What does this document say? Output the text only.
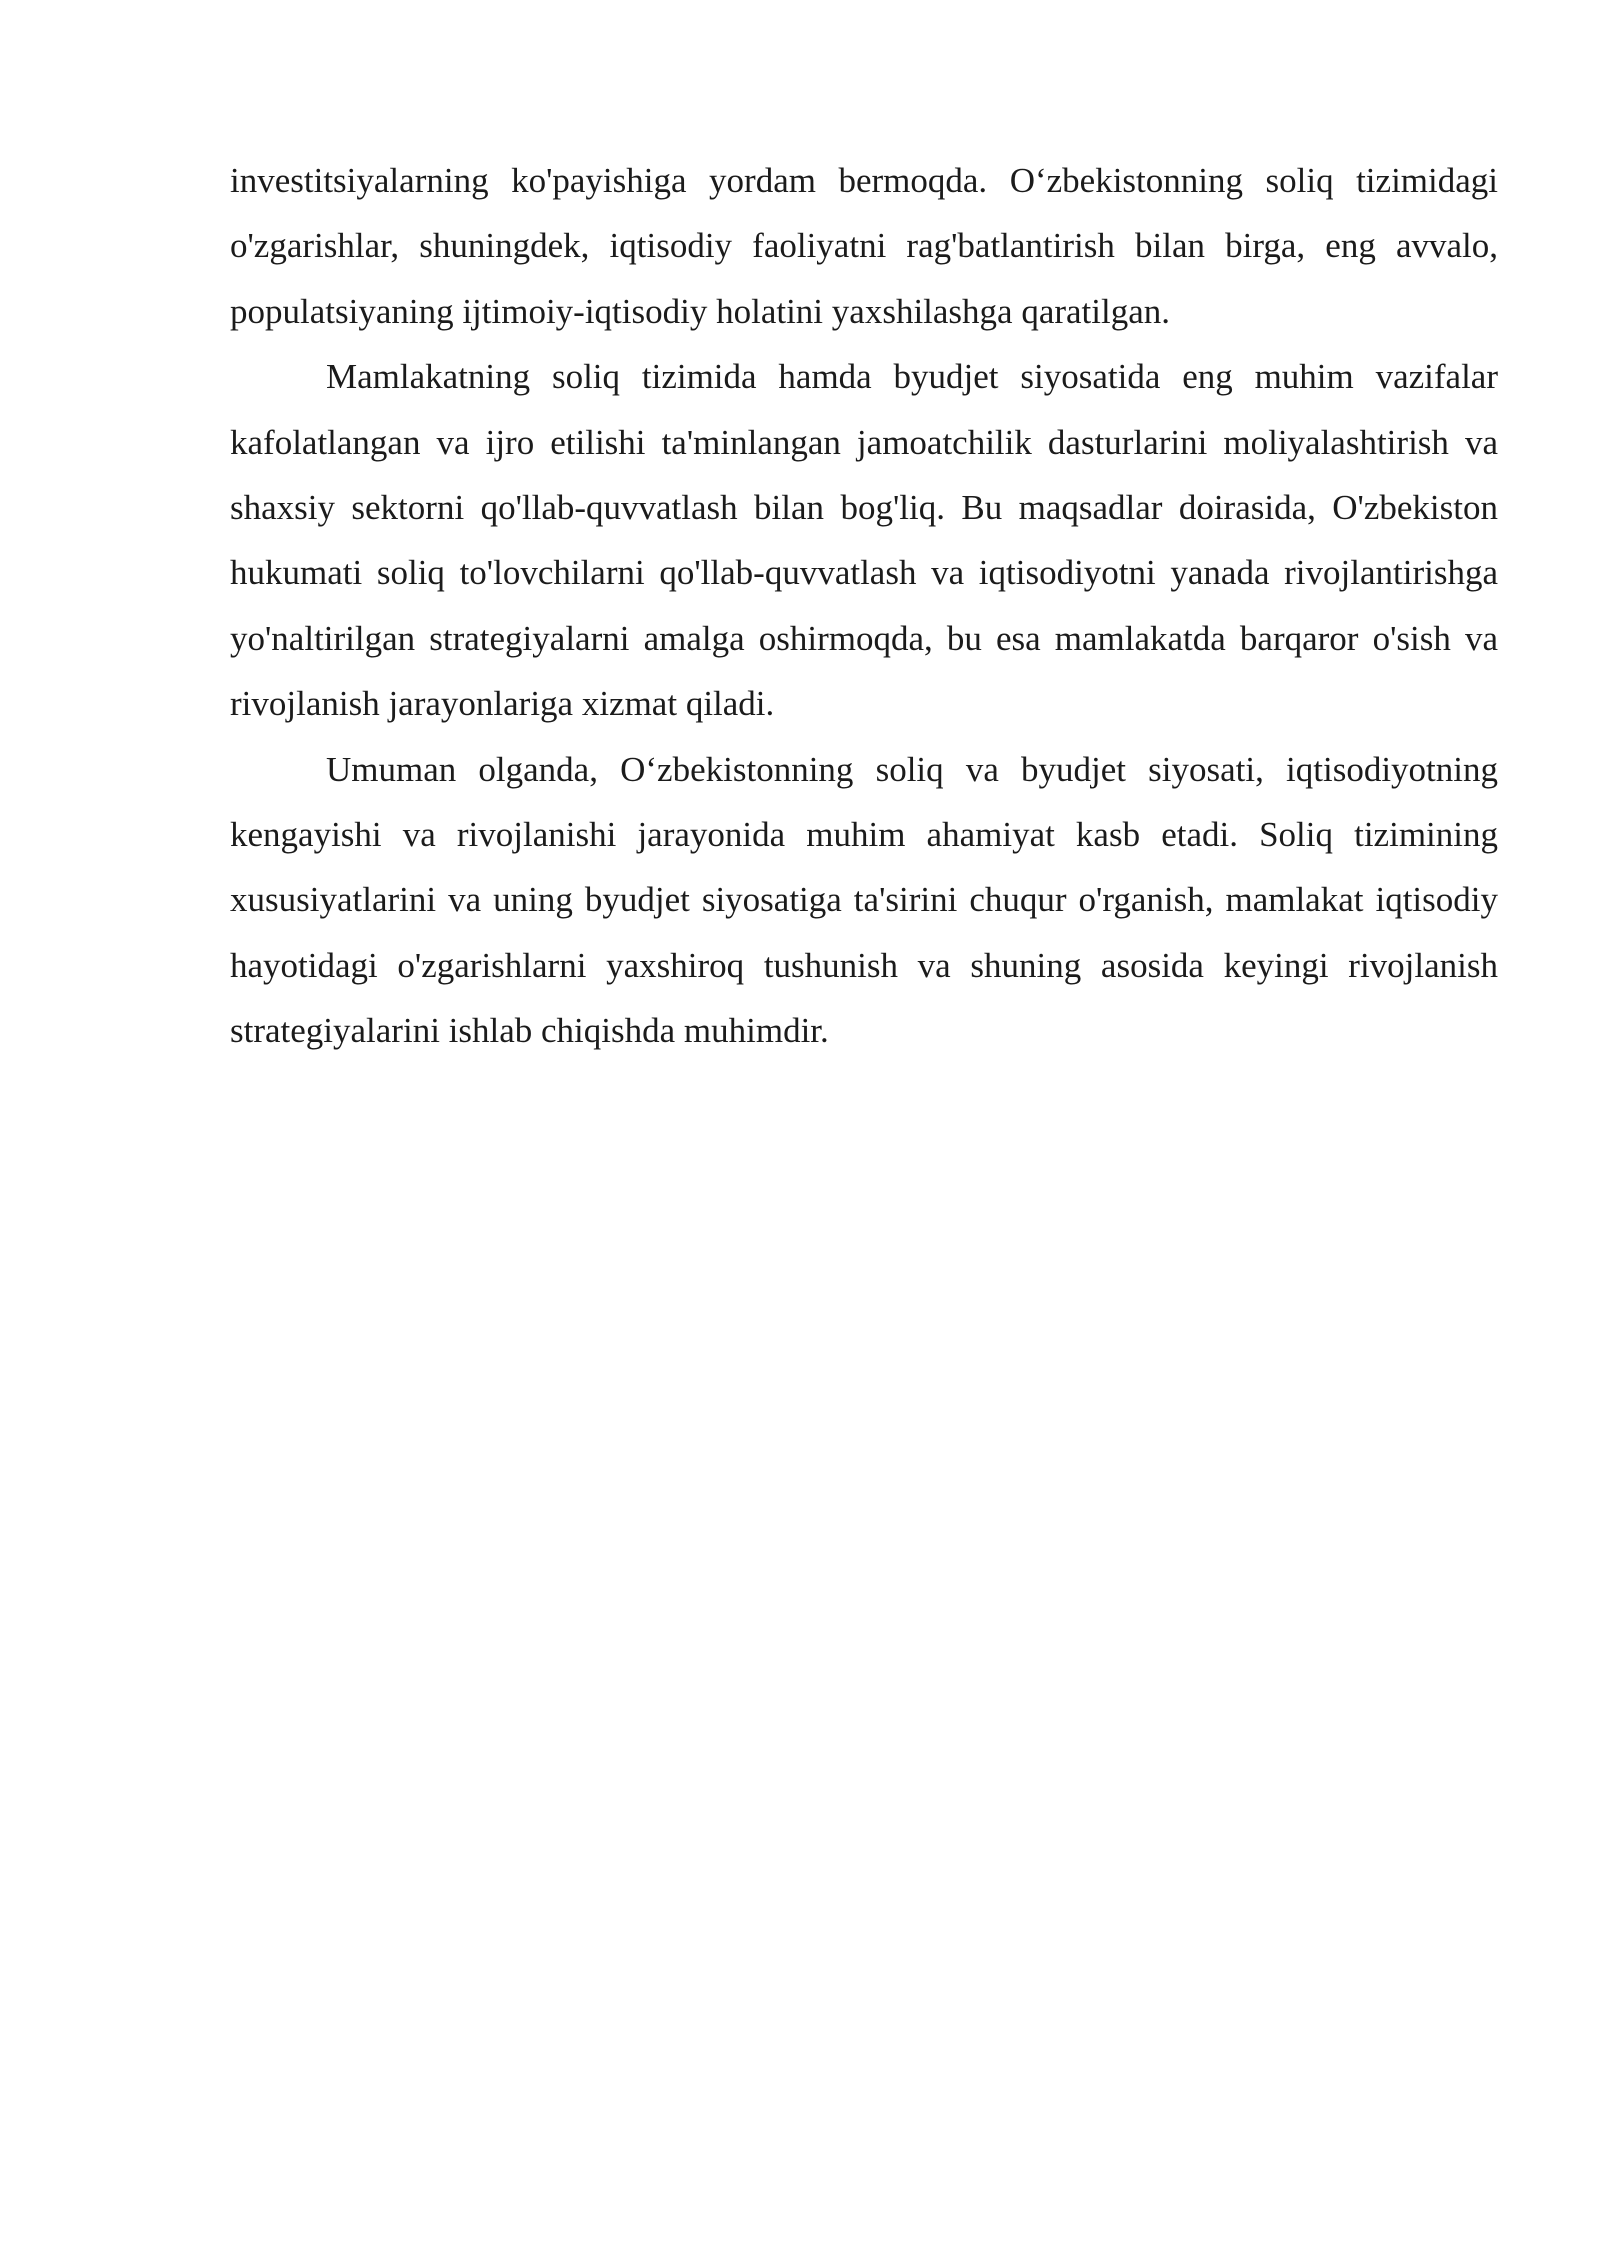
investitsiyalarning ko'payishiga yordam bermoqda. O‘zbekistonning soliq tizimidagi o'zgarishlar, shuningdek, iqtisodiy faoliyatni rag'batlantirish bilan birga, eng avvalo, populatsiyaning ijtimoiy-iqtisodiy holatini yaxshilashga qaratilgan.

Mamlakatning soliq tizimida hamda byudjet siyosatida eng muhim vazifalar kafolatlangan va ijro etilishi ta'minlangan jamoatchilik dasturlarini moliyalashtirish va shaxsiy sektorni qo'llab-quvvatlash bilan bog'liq. Bu maqsadlar doirasida, O'zbekiston hukumati soliq to'lovchilarni qo'llab-quvvatlash va iqtisodiyotni yanada rivojlantirishga yo'naltirilgan strategiyalarni amalga oshirmoqda, bu esa mamlakatda barqaror o'sish va rivojlanish jarayonlariga xizmat qiladi.

Umuman olganda, O‘zbekistonning soliq va byudjet siyosati, iqtisodiyotning kengayishi va rivojlanishi jarayonida muhim ahamiyat kasb etadi. Soliq tizimining xususiyatlarini va uning byudjet siyosatiga ta'sirini chuqur o'rganish, mamlakat iqtisodiy hayotidagi o'zgarishlarni yaxshiroq tushunish va shuning asosida keyingi rivojlanish strategiyalarini ishlab chiqishda muhimdir.
